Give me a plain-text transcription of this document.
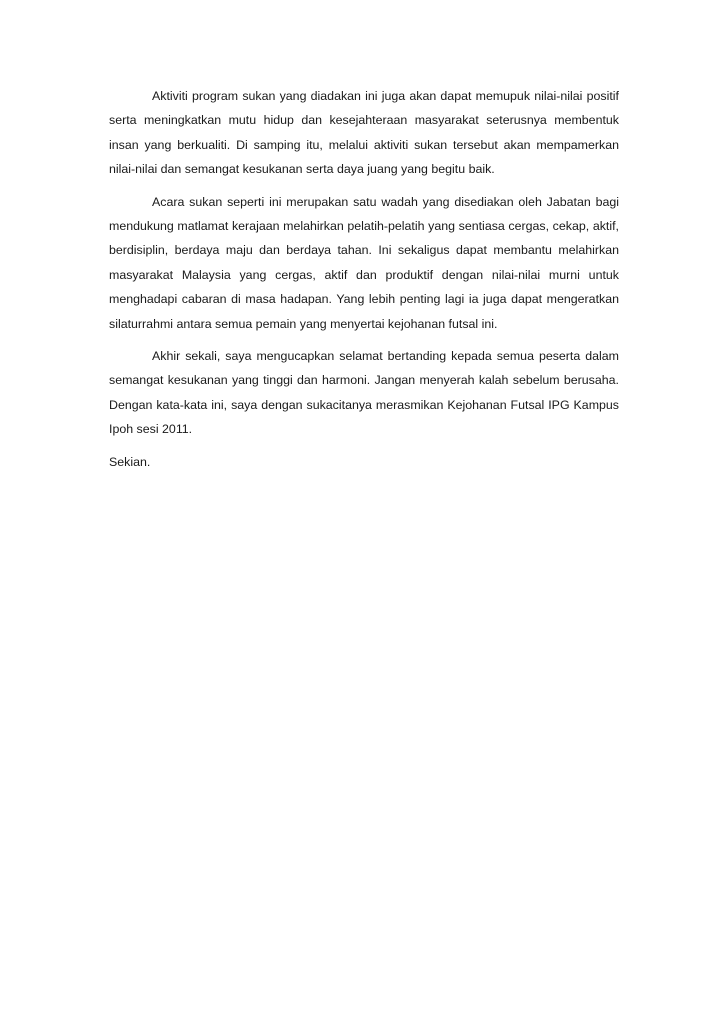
Aktiviti program sukan yang diadakan ini juga akan dapat memupuk nilai-nilai positif serta meningkatkan mutu hidup dan kesejahteraan masyarakat seterusnya membentuk insan yang berkualiti. Di samping itu, melalui aktiviti sukan tersebut akan mempamerkan nilai-nilai dan semangat kesukanan serta daya juang yang begitu baik.

Acara sukan seperti ini merupakan satu wadah yang disediakan oleh Jabatan bagi mendukung matlamat kerajaan melahirkan pelatih-pelatih yang sentiasa cergas, cekap, aktif, berdisiplin, berdaya maju dan berdaya tahan. Ini sekaligus dapat membantu melahirkan masyarakat Malaysia yang cergas, aktif dan produktif dengan nilai-nilai murni untuk menghadapi cabaran di masa hadapan. Yang lebih penting lagi ia juga dapat mengeratkan silaturrahmi antara semua pemain yang menyertai kejohanan futsal ini.

Akhir sekali, saya mengucapkan selamat bertanding kepada semua peserta dalam semangat kesukanan yang tinggi dan harmoni. Jangan menyerah kalah sebelum berusaha. Dengan kata-kata ini, saya dengan sukacitanya merasmikan Kejohanan Futsal IPG Kampus Ipoh sesi 2011.

Sekian.
